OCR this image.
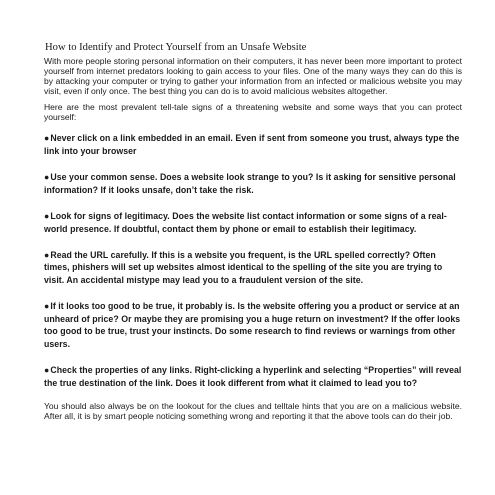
How to Identify and Protect Yourself from an Unsafe Website

With more people storing personal information on their computers, it has never been more important to protect yourself from internet predators looking to gain access to your files. One of the many ways they can do this is by attacking your computer or trying to gather your information from an infected or malicious website you may visit, even if only once. The best thing you can do is to avoid malicious websites altogether.

Here are the most prevalent tell-tale signs of a threatening website and some ways that you can protect yourself:

●Never click on a link embedded in an email. Even if sent from someone you trust, always type the link into your browser

●Use your common sense. Does a website look strange to you? Is it asking for sensitive personal information? If it looks unsafe, don’t take the risk.

●Look for signs of legitimacy. Does the website list contact information or some signs of a real-world presence. If doubtful, contact them by phone or email to establish their legitimacy.

●Read the URL carefully. If this is a website you frequent, is the URL spelled correctly? Often times, phishers will set up websites almost identical to the spelling of the site you are trying to visit. An accidental mistype may lead you to a fraudulent version of the site.

●If it looks too good to be true, it probably is. Is the website offering you a product or service at an unheard of price? Or maybe they are promising you a huge return on investment? If the offer looks too good to be true, trust your instincts. Do some research to find reviews or warnings from other users.

●Check the properties of any links. Right-clicking a hyperlink and selecting “Properties” will reveal the true destination of the link. Does it look different from what it claimed to lead you to?

You should also always be on the lookout for the clues and telltale hints that you are on a malicious website. After all, it is by smart people noticing something wrong and reporting it that the above tools can do their job.
